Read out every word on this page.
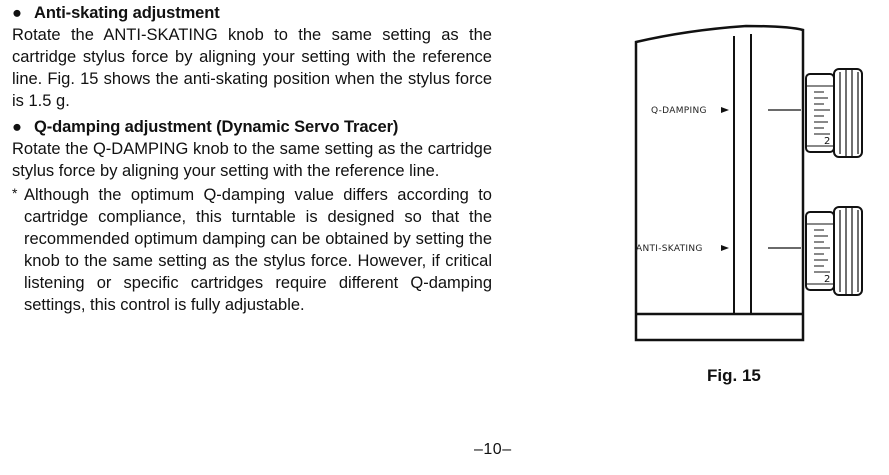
● Anti-skating adjustment

Rotate the ANTI-SKATING knob to the same setting as the cartridge stylus force by aligning your setting with the reference line. Fig. 15 shows the anti-skating position when the stylus force is 1.5 g.

● Q-damping adjustment (Dynamic Servo Tracer)

Rotate the Q-DAMPING knob to the same setting as the cartridge stylus force by aligning your setting with the reference line.

* Although the optimum Q-damping value differs according to cartridge compliance, this turntable is designed so that the recommended optimum damping can be obtained by setting the knob to the same setting as the stylus force. However, if critical listening or specific cartridges require different Q-damping settings, this control is fully adjustable.
–10–
Q-DAMPING
ANTI-SKATING
2
2
Fig. 15
